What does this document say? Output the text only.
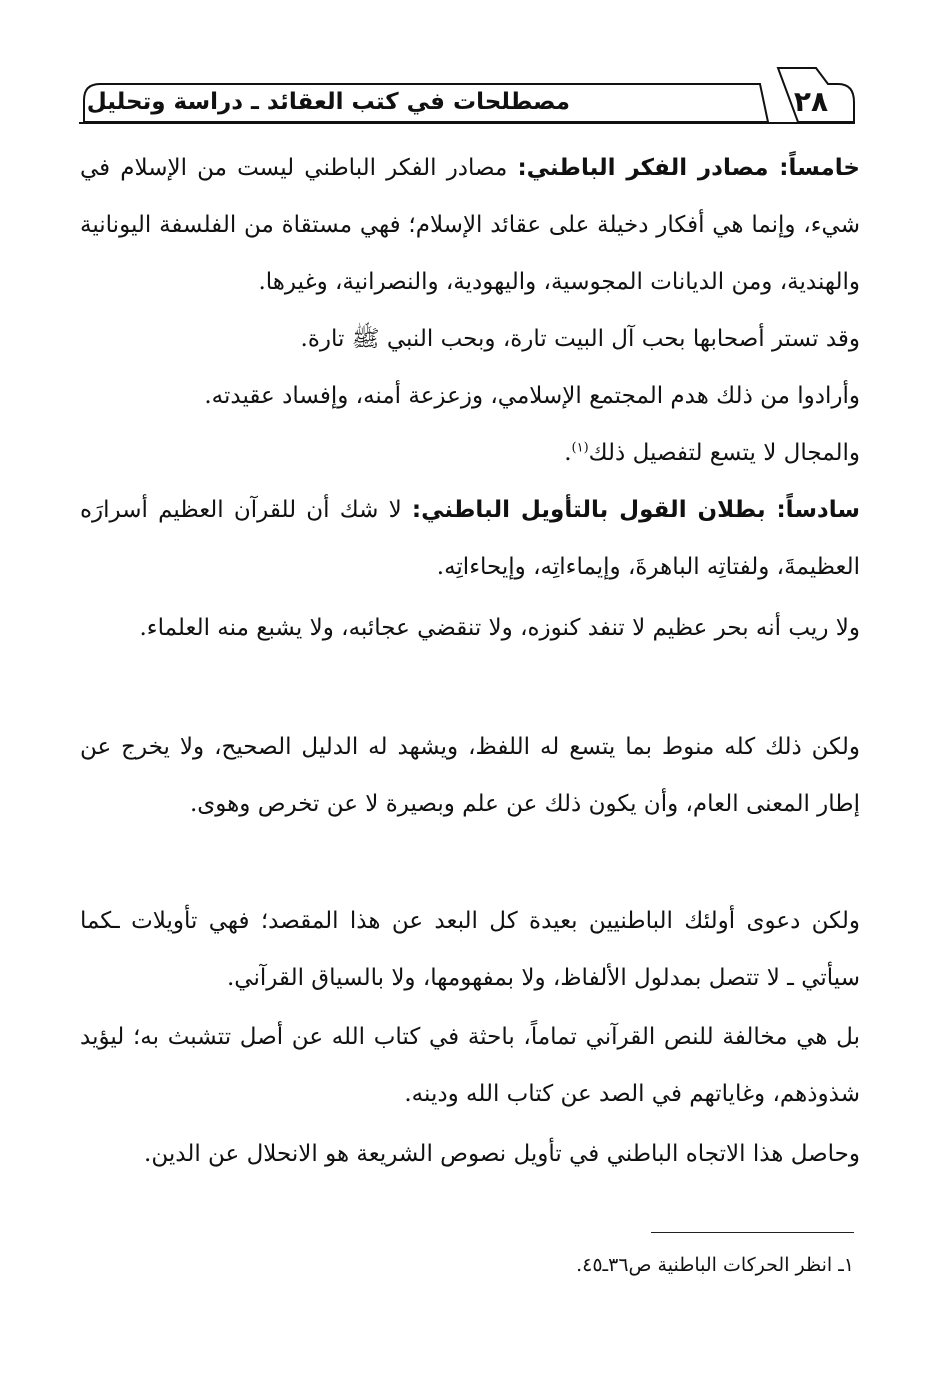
مصطلحات في كتب العقائد ـ دراسة وتحليل	٢٨
خامساً: مصادر الفكر الباطني: مصادر الفكر الباطني ليست من الإسلام في شيء، وإنما هي أفكار دخيلة على عقائد الإسلام؛ فهي مستقاة من الفلسفة اليونانية والهندية، ومن الديانات المجوسية، واليهودية، والنصرانية، وغيرها.
وقد تستر أصحابها بحب آل البيت تارة، وبحب النبي ﷺ تارة.
وأرادوا من ذلك هدم المجتمع الإسلامي، وزعزعة أمنه، وإفساد عقيدته.
والمجال لا يتسع لتفصيل ذلك$^{(١)}$.
سادساً: بطلان القول بالتأويل الباطني: لا شك أن للقرآن العظيم أسرارَه العظيمةَ، ولفتاتِه الباهرةَ، وإيماءاتِه، وإيحاءاتِه.
ولا ريب أنه بحر عظيم لا تنفد كنوزه، ولا تنقضي عجائبه، ولا يشبع منه العلماء.
ولكن ذلك كله منوط بما يتسع له اللفظ، ويشهد له الدليل الصحيح، ولا يخرج عن إطار المعنى العام، وأن يكون ذلك عن علم وبصيرة لا عن تخرص وهوى.
ولكن دعوى أولئك الباطنيين بعيدة كل البعد عن هذا المقصد؛ فهي تأويلات ـكما سيأتي ـ لا تتصل بمدلول الألفاظ، ولا بمفهومها، ولا بالسياق القرآني.
بل هي مخالفة للنص القرآني تماماً، باحثة في كتاب الله عن أصل تتشبث به؛ ليؤيد شذوذهم، وغاياتهم في الصد عن كتاب الله ودينه.
وحاصل هذا الاتجاه الباطني في تأويل نصوص الشريعة هو الانحلال عن الدين.
١ـ انظر الحركات الباطنية ص٣٦ـ٤٥.
